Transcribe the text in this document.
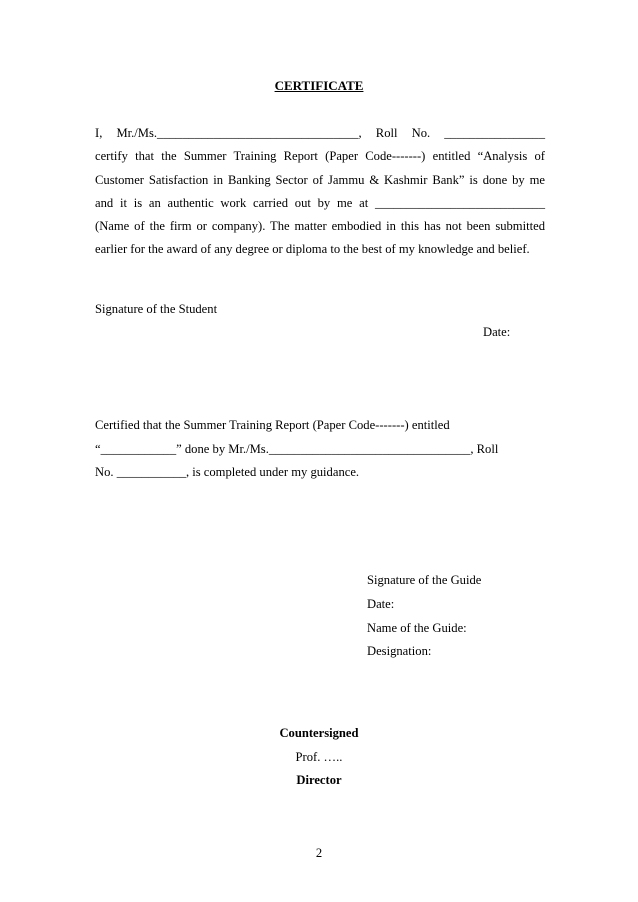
CERTIFICATE
I, Mr./Ms.________________________________, Roll No. ________________
certify that the Summer Training Report (Paper Code-------) entitled “Analysis of
Customer Satisfaction in Banking Sector of Jammu & Kashmir Bank” is done by me
and it is an authentic work carried out by me at ___________________________
(Name of the firm or company). The matter embodied in this has not been submitted
earlier for the award of any degree or diploma to the best of my knowledge and belief.
Signature of the Student
Date:
Certified that the Summer Training Report (Paper Code-------) entitled
“____________” done by Mr./Ms.________________________________, Roll
No. ___________, is completed under my guidance.
Signature of the Guide
Date:
Name of the Guide:
Designation:
Countersigned
Prof. …..
Director
2
